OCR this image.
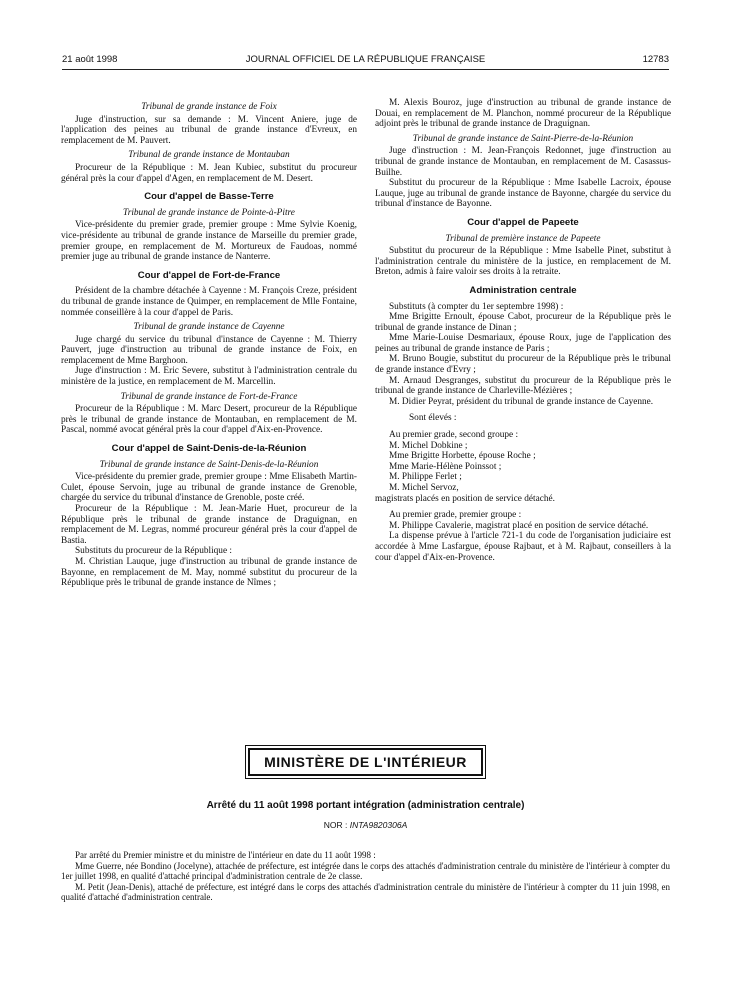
JOURNAL OFFICIEL DE LA RÉPUBLIQUE FRANÇAISE
21 août 1998	12783
Tribunal de grande instance de Foix

Juge d'instruction, sur sa demande : M. Vincent Aniere, juge de l'application des peines au tribunal de grande instance d'Evreux, en remplacement de M. Pauvert.

Tribunal de grande instance de Montauban

Procureur de la République : M. Jean Kubiec, substitut du procureur général près la cour d'appel d'Agen, en remplacement de M. Desert.

Cour d'appel de Basse-Terre
Tribunal de grande instance de Pointe-à-Pitre

Vice-présidente du premier grade, premier groupe : Mme Sylvie Koenig, vice-présidente au tribunal de grande instance de Marseille du premier grade, premier groupe, en remplacement de M. Mortureux de Faudoas, nommé premier juge au tribunal de grande instance de Nanterre.

Cour d'appel de Fort-de-France

Président de la chambre détachée à Cayenne : M. François Creze, président du tribunal de grande instance de Quimper, en remplacement de Mlle Fontaine, nommée conseillère à la cour d'appel de Paris.

Tribunal de grande instance de Cayenne

Juge chargé du service du tribunal d'instance de Cayenne : M. Thierry Pauvert, juge d'instruction au tribunal de grande instance de Foix, en remplacement de Mme Barghoon.

Juge d'instruction : M. Eric Severe, substitut à l'administration centrale du ministère de la justice, en remplacement de M. Marcellin.

Tribunal de grande instance de Fort-de-France

Procureur de la République : M. Marc Desert, procureur de la République près le tribunal de grande instance de Montauban, en remplacement de M. Pascal, nommé avocat général près la cour d'appel d'Aix-en-Provence.

Cour d'appel de Saint-Denis-de-la-Réunion
Tribunal de grande instance de Saint-Denis-de-la-Réunion

Vice-présidente du premier grade, premier groupe : Mme Elisabeth Martin-Culet, épouse Servoin, juge au tribunal de grande instance de Grenoble, chargée du service du tribunal d'instance de Grenoble, poste créé.

Procureur de la République : M. Jean-Marie Huet, procureur de la République près le tribunal de grande instance de Draguignan, en remplacement de M. Legras, nommé procureur général près la cour d'appel de Bastia.

Substituts du procureur de la République :

M. Christian Lauque, juge d'instruction au tribunal de grande instance de Bayonne, en remplacement de M. May, nommé substitut du procureur de la République près le tribunal de grande instance de Nîmes ;

M. Alexis Bouroz, juge d'instruction au tribunal de grande instance de Douai, en remplacement de M. Planchon, nommé procureur de la République adjoint près le tribunal de grande instance de Draguignan.

Tribunal de grande instance de Saint-Pierre-de-la-Réunion

Juge d'instruction : M. Jean-François Redonnet, juge d'instruction au tribunal de grande instance de Montauban, en remplacement de M. Casassus-Builhe.

Substitut du procureur de la République : Mme Isabelle Lacroix, épouse Lauque, juge au tribunal de grande instance de Bayonne, chargée du service du tribunal d'instance de Bayonne.

Cour d'appel de Papeete
Tribunal de première instance de Papeete

Substitut du procureur de la République : Mme Isabelle Pinet, substitut à l'administration centrale du ministère de la justice, en remplacement de M. Breton, admis à faire valoir ses droits à la retraite.

Administration centrale

Substituts (à compter du 1er septembre 1998) :

Mme Brigitte Ernoult, épouse Cabot, procureur de la République près le tribunal de grande instance de Dinan ;

Mme Marie-Louise Desmariaux, épouse Roux, juge de l'application des peines au tribunal de grande instance de Paris ;

M. Bruno Bougie, substitut du procureur de la République près le tribunal de grande instance d'Evry ;

M. Arnaud Desgranges, substitut du procureur de la République près le tribunal de grande instance de Charleville-Mézières ;

M. Didier Peyrat, président du tribunal de grande instance de Cayenne.

Sont élevés :

Au premier grade, second groupe :

M. Michel Dobkine ;

Mme Brigitte Horbette, épouse Roche ;

Mme Marie-Hélène Poinssot ;

M. Philippe Ferlet ;

M. Michel Servoz,

magistrats placés en position de service détaché.

Au premier grade, premier groupe :

M. Philippe Cavalerie, magistrat placé en position de service détaché.

La dispense prévue à l'article 721-1 du code de l'organisation judiciaire est accordée à Mme Lasfargue, épouse Rajbaut, et à M. Rajbaut, conseillers à la cour d'appel d'Aix-en-Provence.

MINISTÈRE DE L'INTÉRIEUR
Arrêté du 11 août 1998 portant intégration (administration centrale)
NOR : INTA9820306A

Par arrêté du Premier ministre et du ministre de l'intérieur en date du 11 août 1998 :

Mme Guerre, née Bondino (Jocelyne), attachée de préfecture, est intégrée dans le corps des attachés d'administration centrale du ministère de l'intérieur à compter du 1er juillet 1998, en qualité d'attaché principal d'administration centrale de 2e classe.

M. Petit (Jean-Denis), attaché de préfecture, est intégré dans le corps des attachés d'administration centrale du ministère de l'intérieur à compter du 11 juin 1998, en qualité d'attaché d'administration centrale.
